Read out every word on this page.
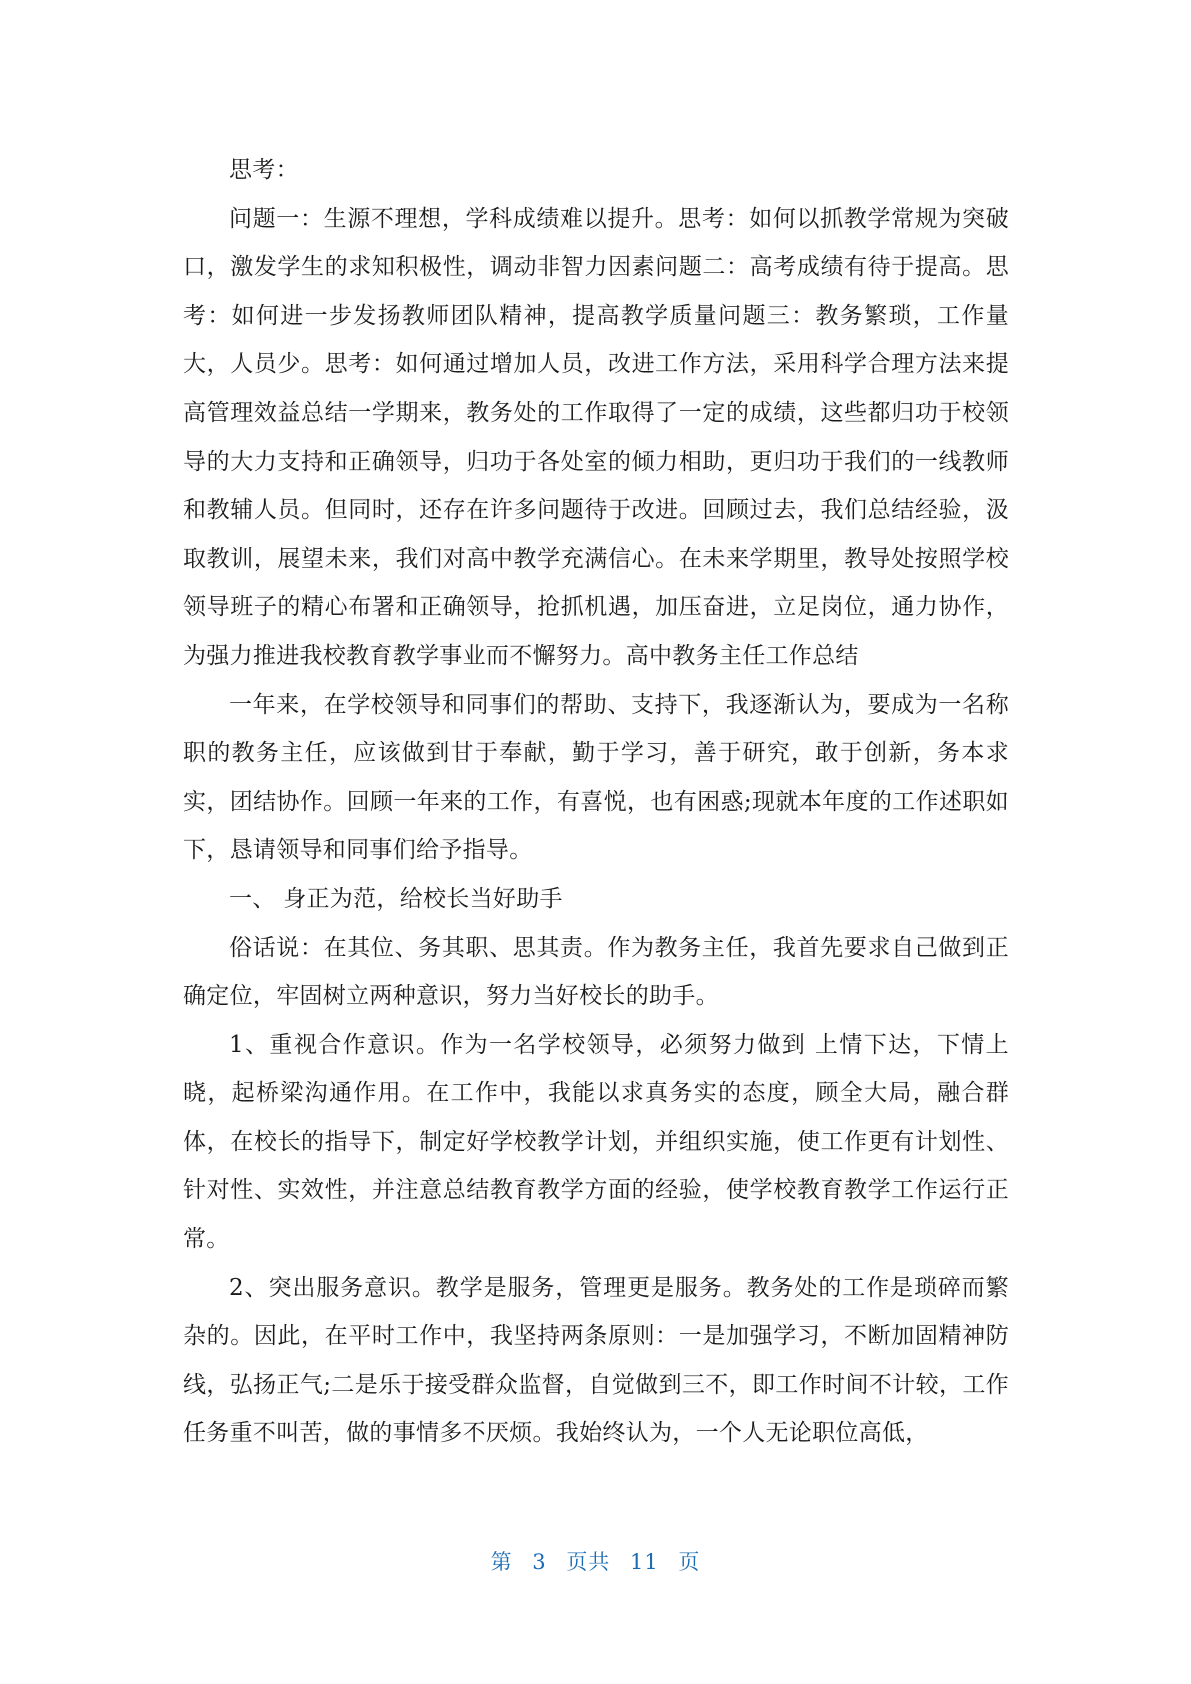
思考：

问题一：生源不理想，学科成绩难以提升。思考：如何以抓教学常规为突破口，激发学生的求知积极性，调动非智力因素问题二：高考成绩有待于提高。思考：如何进一步发扬教师团队精神，提高教学质量问题三：教务繁琐，工作量大，人员少。思考：如何通过增加人员，改进工作方法，采用科学合理方法来提高管理效益总结一学期来，教务处的工作取得了一定的成绩，这些都归功于校领导的大力支持和正确领导，归功于各处室的倾力相助，更归功于我们的一线教师和教辅人员。但同时，还存在许多问题待于改进。回顾过去，我们总结经验，汲取教训，展望未来，我们对高中教学充满信心。在未来学期里，教导处按照学校领导班子的精心布署和正确领导，抢抓机遇，加压奋进，立足岗位，通力协作，为强力推进我校教育教学事业而不懈努力。高中教务主任工作总结

一年来，在学校领导和同事们的帮助、支持下，我逐渐认为，要成为一名称职的教务主任，应该做到甘于奉献，勤于学习，善于研究，敢于创新，务本求实，团结协作。回顾一年来的工作，有喜悦，也有困惑;现就本年度的工作述职如下，恳请领导和同事们给予指导。

一、 身正为范，给校长当好助手

俗话说：在其位、务其职、思其责。作为教务主任，我首先要求自己做到正确定位，牢固树立两种意识，努力当好校长的助手。

1、重视合作意识。作为一名学校领导，必须努力做到 上情下达，下情上晓，起桥梁沟通作用。在工作中，我能以求真务实的态度，顾全大局，融合群体，在校长的指导下，制定好学校教学计划，并组织实施，使工作更有计划性、针对性、实效性，并注意总结教育教学方面的经验，使学校教育教学工作运行正常。

2、突出服务意识。教学是服务，管理更是服务。教务处的工作是琐碎而繁杂的。因此，在平时工作中，我坚持两条原则：一是加强学习，不断加固精神防线，弘扬正气;二是乐于接受群众监督，自觉做到三不，即工作时间不计较，工作任务重不叫苦，做的事情多不厌烦。我始终认为，一个人无论职位高低，

第 3 页共 11 页
